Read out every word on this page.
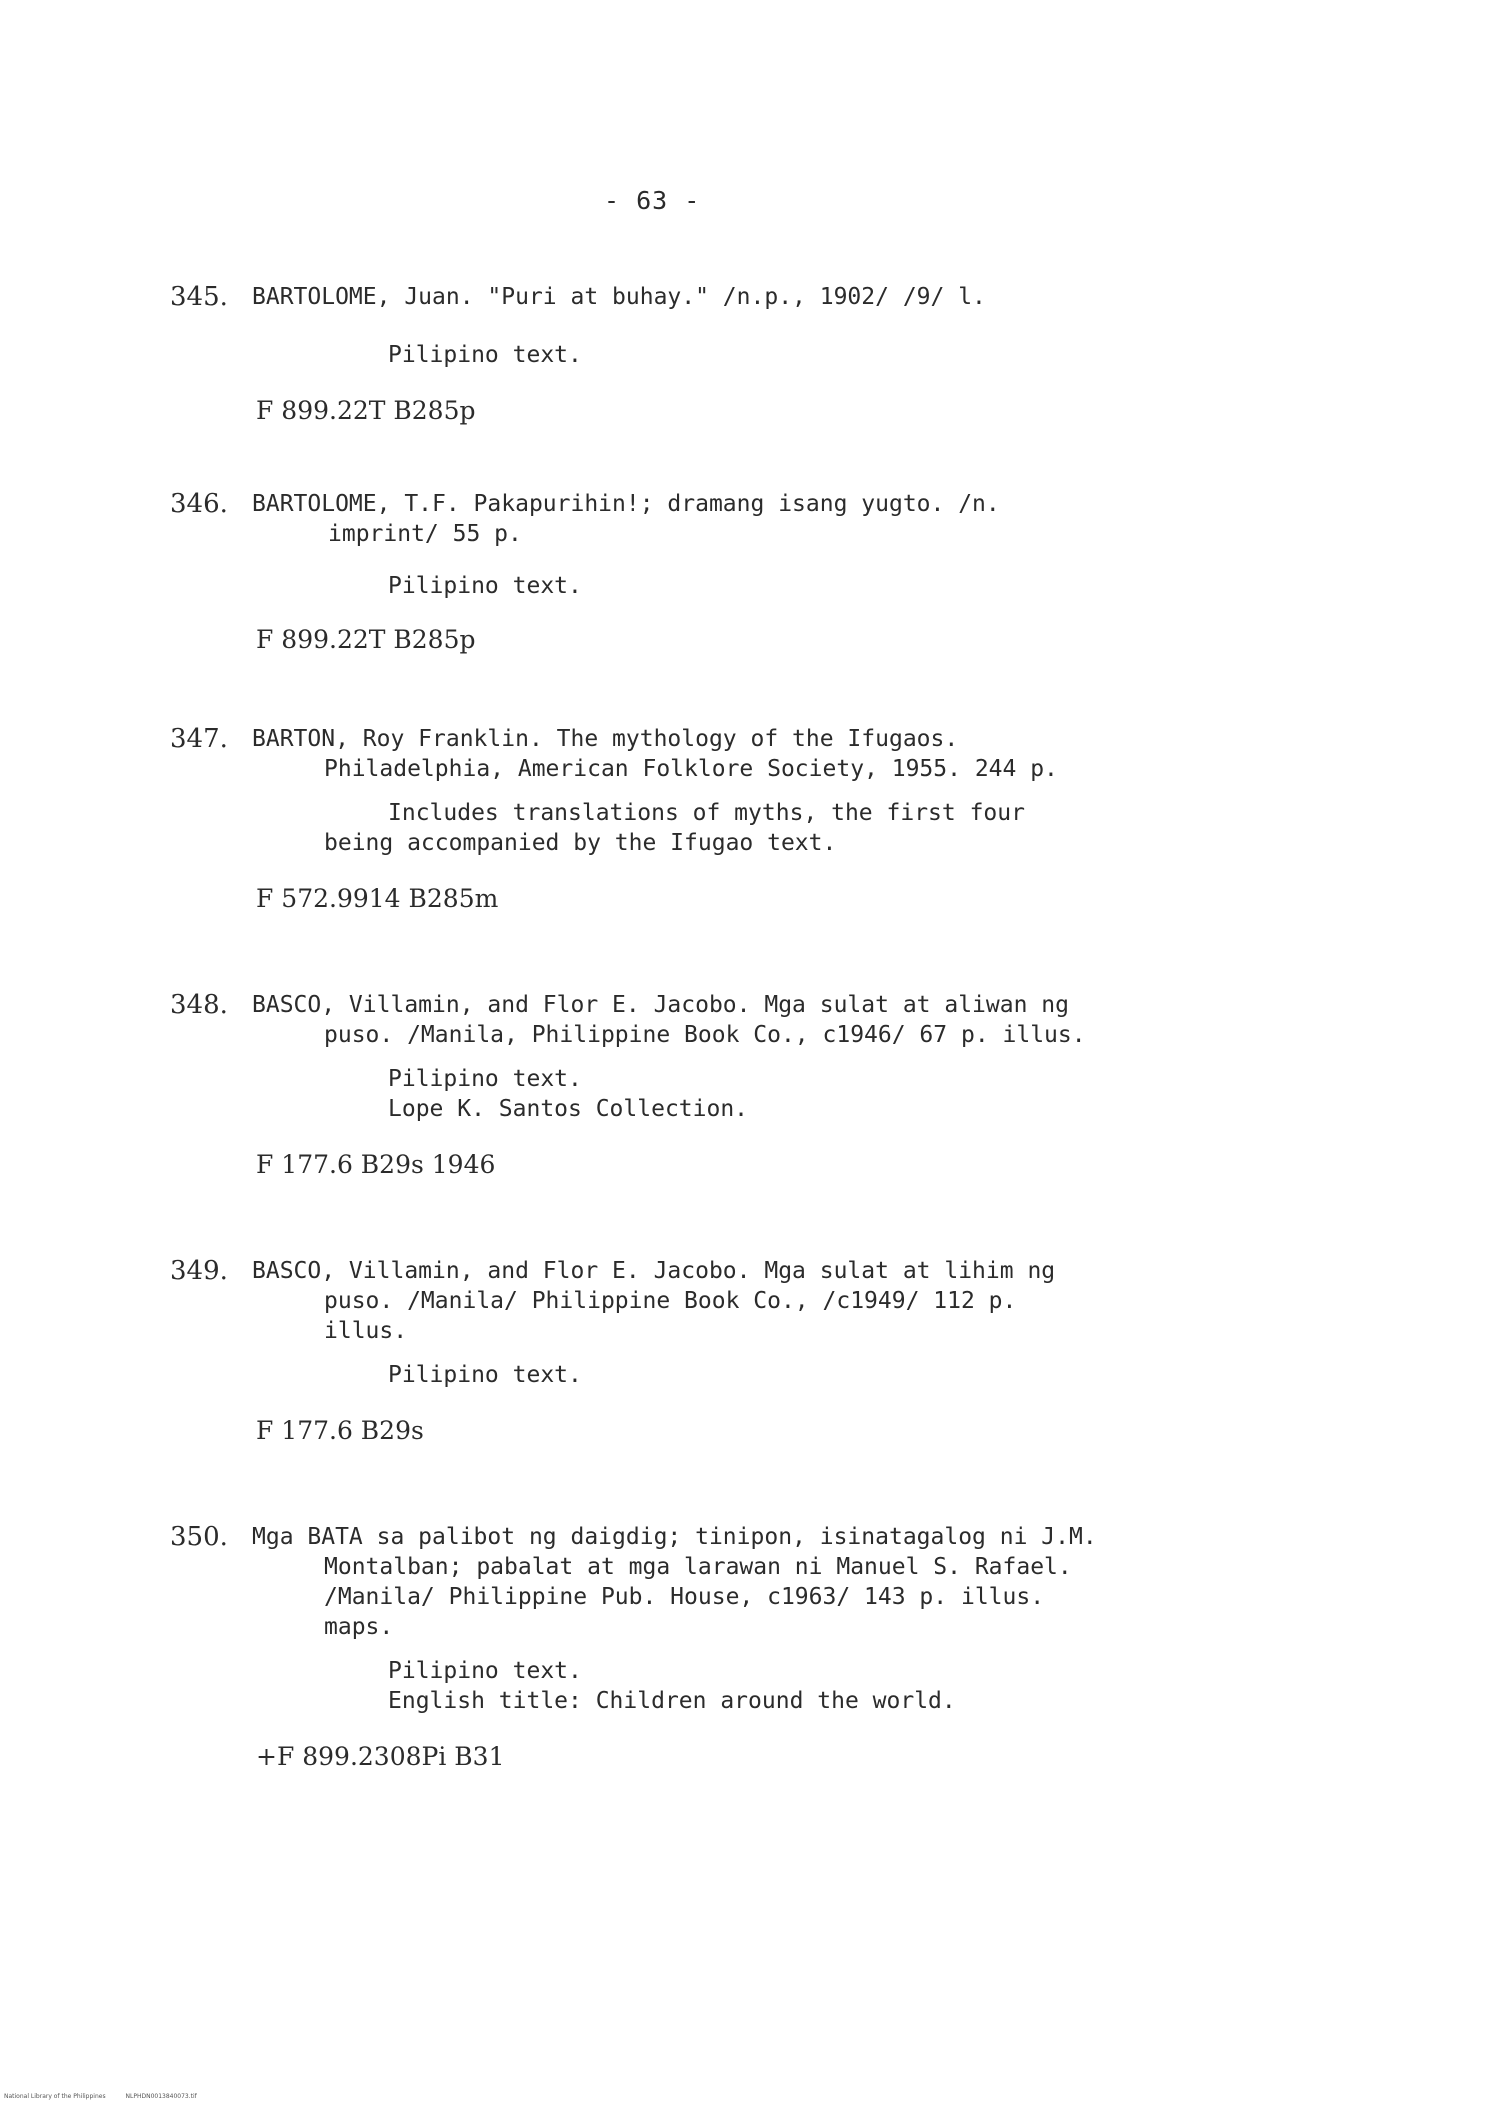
- 63 -
345. BARTOLOME, Juan. "Puri at buhay." /n.p., 1902/ /9/ l.
Pilipino text.
F 899.22T B285p
346. BARTOLOME, T.F. Pakapurihin!; dramang isang yugto. /n.
imprint/ 55 p.
Pilipino text.
F 899.22T B285p
347. BARTON, Roy Franklin. The mythology of the Ifugaos.
Philadelphia, American Folklore Society, 1955. 244 p.
Includes translations of myths, the first four
being accompanied by the Ifugao text.
F 572.9914 B285m
348. BASCO, Villamin, and Flor E. Jacobo. Mga sulat at aliwan ng
puso. /Manila, Philippine Book Co., c1946/ 67 p. illus.
Pilipino text.
Lope K. Santos Collection.
F 177.6 B29s 1946
349. BASCO, Villamin, and Flor E. Jacobo. Mga sulat at lihim ng
puso. /Manila/ Philippine Book Co., /c1949/ 112 p.
illus.
Pilipino text.
F 177.6 B29s
350. Mga BATA sa palibot ng daigdig; tinipon, isinatagalog ni J.M.
Montalban; pabalat at mga larawan ni Manuel S. Rafael.
/Manila/ Philippine Pub. House, c1963/ 143 p. illus.
maps.
Pilipino text.
English title: Children around the world.
+F 899.2308Pi B31
National Library of the Philippines	NLPHDN0013840073.tif
